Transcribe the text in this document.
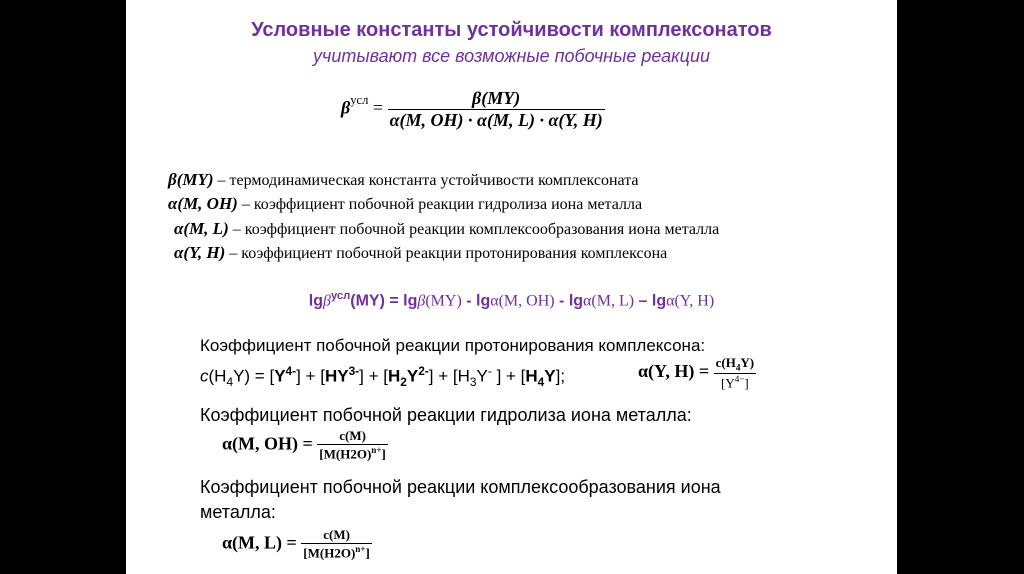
Условные константы устойчивости комплексонатов
учитывают все возможные побочные реакции
$\beta^{усл} = \frac{\beta(MY)}{\alpha(M, OH) \cdot \alpha(M, L) \cdot \alpha(Y, H)}$
β(MY) – термодинамическая константа устойчивости комплексоната
α(M, OH) – коэффициент побочной реакции гидролиза иона металла
α(M, L) – коэффициент побочной реакции комплексообразования иона металла
α(Y, H) – коэффициент побочной реакции протонирования комплексона
lgβ$^{усл}$(MY) = lgβ(MY) - lgα(M, OH) - lgα(M, L) – lgα(Y, H)
Коэффициент побочной реакции протонирования комплексона:
$c(H_4Y) = [Y^{4-}] + [HY^{3-}] + [H_2Y^{2-}] + [H_3Y^-$ ] + $[H_4Y]$;	α(Y, $H) = \frac{c(H_4Y)}{[Y^{4-}]}$
Коэффициент побочной реакции гидролиза иона металла:
α(M, $OH) = \frac{c(M)}{[M(H2O)^{n+}]}$
Коэффициент побочной реакции комплексообразования иона
металла:
α(M, $L) = \frac{c(M)}{[M(H2O)^{n+}]}$
